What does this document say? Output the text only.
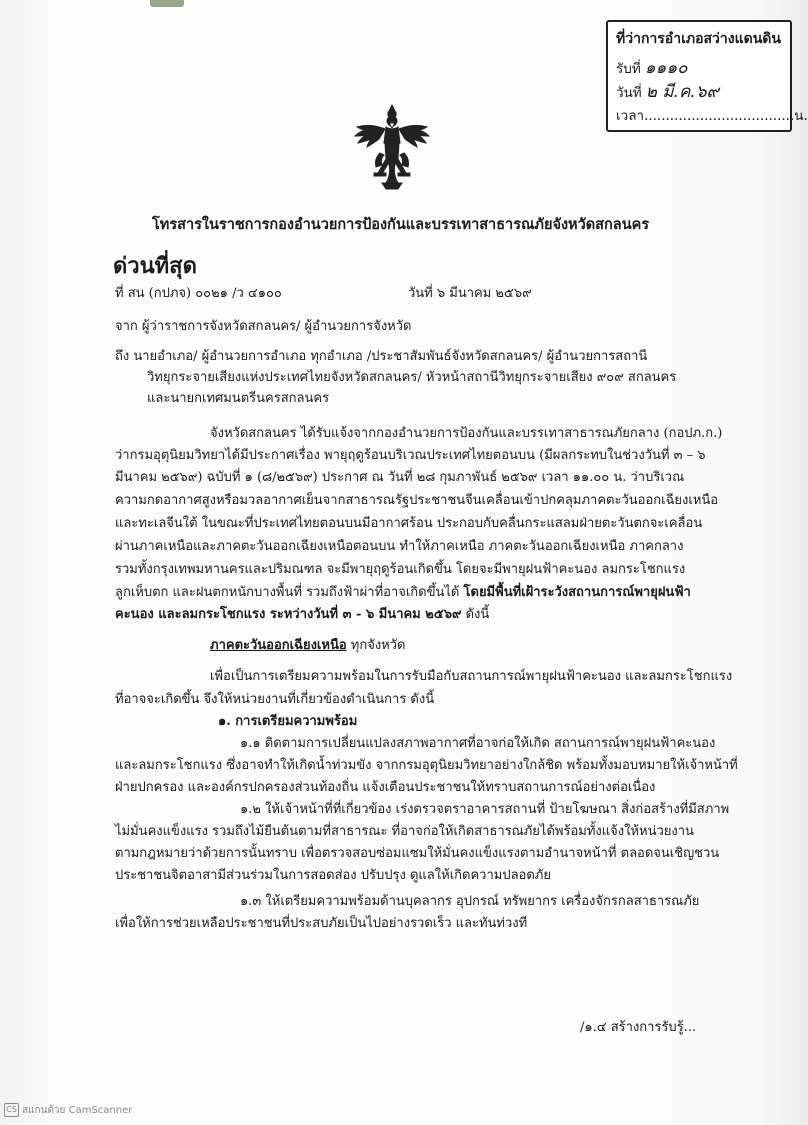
ที่ว่าการอำเภอสว่างแดนดิน
รับที่ ๑๑๑๐
วันที่ ๒ มี.ค.๖๙
เวลา...................................น.
โทรสารในราชการกองอำนวยการป้องกันและบรรเทาสาธารณภัยจังหวัดสกลนคร
ด่วนที่สุด
ที่ สน (กปภจ) ๐๐๒๑ /ว ๔๑๐๐	วันที่ ๖ มีนาคม ๒๕๖๙
จาก ผู้ว่าราชการจังหวัดสกลนคร/ ผู้อำนวยการจังหวัด
ถึง นายอำเภอ/ ผู้อำนวยการอำเภอ ทุกอำเภอ /ประชาสัมพันธ์จังหวัดสกลนคร/ ผู้อำนวยการสถานี
วิทยุกระจายเสียงแห่งประเทศไทยจังหวัดสกลนคร/ หัวหน้าสถานีวิทยุกระจายเสียง ๙๐๙ สกลนคร
และนายกเทศมนตรีนครสกลนคร
จังหวัดสกลนคร ได้รับแจ้งจากกองอำนวยการป้องกันและบรรเทาสาธารณภัยกลาง (กอปภ.ก.)
ว่ากรมอุตุนิยมวิทยาได้มีประกาศเรื่อง พายุฤดูร้อนบริเวณประเทศไทยตอนบน (มีผลกระทบในช่วงวันที่ ๓ – ๖
มีนาคม ๒๕๖๙) ฉบับที่ ๑ (๘/๒๕๖๙) ประกาศ ณ วันที่ ๒๘ กุมภาพันธ์ ๒๕๖๙ เวลา ๑๑.๐๐ น. ว่าบริเวณ
ความกดอากาศสูงหรือมวลอากาศเย็นจากสาธารณรัฐประชาชนจีนเคลื่อนเข้าปกคลุมภาคตะวันออกเฉียงเหนือ
และทะเลจีนใต้ ในขณะที่ประเทศไทยตอนบนมีอากาศร้อน ประกอบกับคลื่นกระแสลมฝ่ายตะวันตกจะเคลื่อน
ผ่านภาคเหนือและภาคตะวันออกเฉียงเหนือตอนบน ทำให้ภาคเหนือ ภาคตะวันออกเฉียงเหนือ ภาคกลาง
รวมทั้งกรุงเทพมหานครและปริมณฑล จะมีพายุฤดูร้อนเกิดขึ้น โดยจะมีพายุฝนฟ้าคะนอง ลมกระโชกแรง
ลูกเห็บตก และฝนตกหนักบางพื้นที่ รวมถึงฟ้าผ่าที่อาจเกิดขึ้นได้ โดยมีพื้นที่เฝ้าระวังสถานการณ์พายุฝนฟ้า
คะนอง และลมกระโชกแรง ระหว่างวันที่ ๓ - ๖ มีนาคม ๒๕๖๙ ดังนี้
ภาคตะวันออกเฉียงเหนือ ทุกจังหวัด
เพื่อเป็นการเตรียมความพร้อมในการรับมือกับสถานการณ์พายุฝนฟ้าคะนอง และลมกระโชกแรง
ที่อาจจะเกิดขึ้น จึงให้หน่วยงานที่เกี่ยวข้องดำเนินการ ดังนี้
๑. การเตรียมความพร้อม
๑.๑ ติดตามการเปลี่ยนแปลงสภาพอากาศที่อาจก่อให้เกิด สถานการณ์พายุฝนฟ้าคะนอง
และลมกระโชกแรง ซึ่งอาจทำให้เกิดน้ำท่วมขัง จากกรมอุตุนิยมวิทยาอย่างใกล้ชิด พร้อมทั้งมอบหมายให้เจ้าหน้าที่
ฝ่ายปกครอง และองค์กรปกครองส่วนท้องถิ่น แจ้งเตือนประชาชนให้ทราบสถานการณ์อย่างต่อเนื่อง
๑.๒ ให้เจ้าหน้าที่ที่เกี่ยวข้อง เร่งตรวจตราอาคารสถานที่ ป้ายโฆษณา สิ่งก่อสร้างที่มีสภาพ
ไม่มั่นคงแข็งแรง รวมถึงไม้ยืนต้นตามที่สาธารณะ ที่อาจก่อให้เกิดสาธารณภัยได้พร้อมทั้งแจ้งให้หน่วยงาน
ตามกฎหมายว่าด้วยการนั้นทราบ เพื่อตรวจสอบซ่อมแซมให้มั่นคงแข็งแรงตามอำนาจหน้าที่ ตลอดจนเชิญชวน
ประชาชนจิตอาสามีส่วนร่วมในการสอดส่อง ปรับปรุง ดูแลให้เกิดความปลอดภัย
๑.๓ ให้เตรียมความพร้อมด้านบุคลากร อุปกรณ์ ทรัพยากร เครื่องจักรกลสาธารณภัย
เพื่อให้การช่วยเหลือประชาชนที่ประสบภัยเป็นไปอย่างรวดเร็ว และทันท่วงที
/๑.๔ สร้างการรับรู้...
CS สแกนด้วย CamScanner
